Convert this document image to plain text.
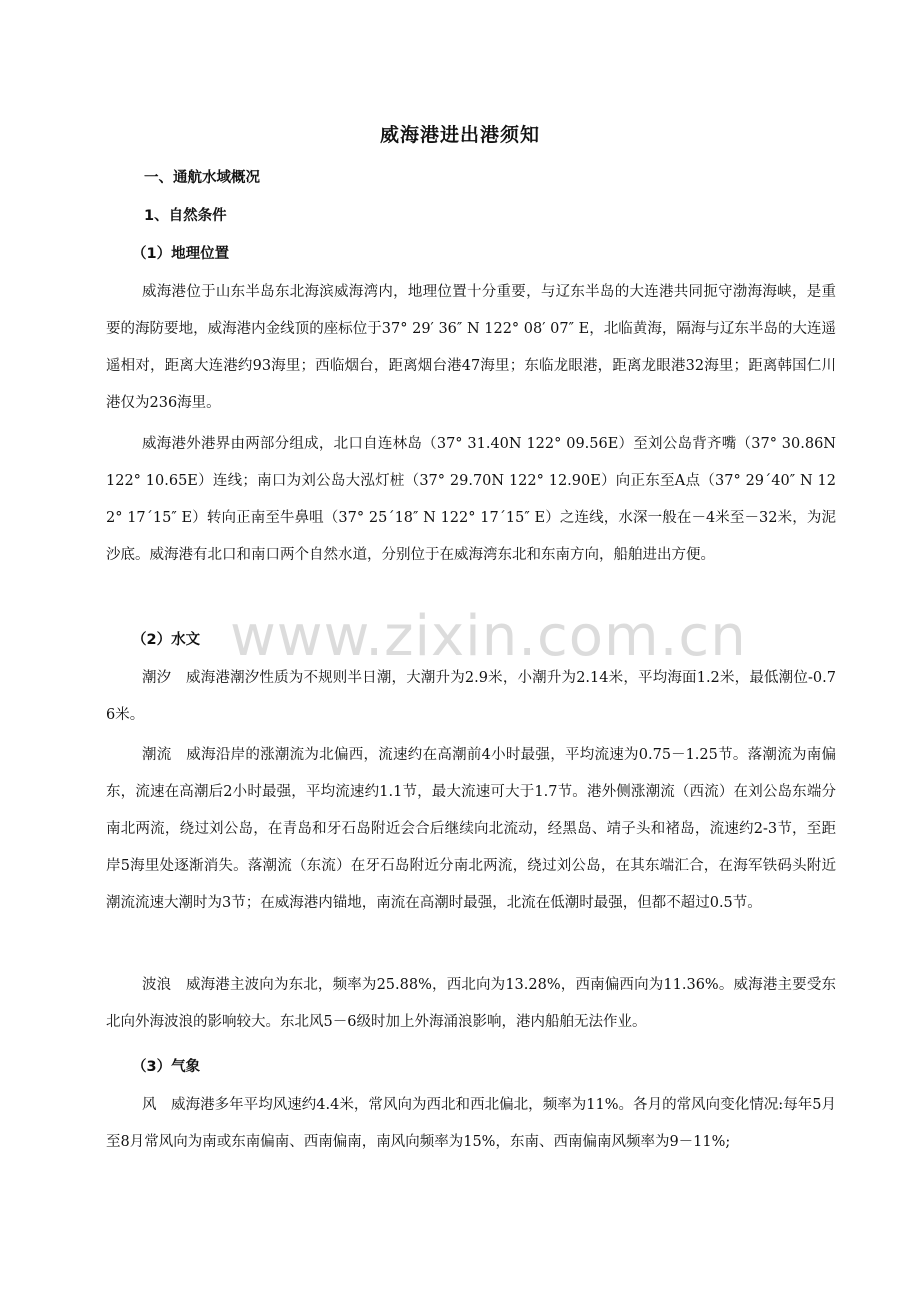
威海港进出港须知
一、通航水域概况
1、自然条件
（1）地理位置
威海港位于山东半岛东北海滨威海湾内，地理位置十分重要，与辽东半岛的大连港共同扼守渤海海峡，是重要的海防要地，威海港内金线顶的座标位于37° 29′ 36″ N 122° 08′ 07″ E，北临黄海，隔海与辽东半岛的大连遥遥相对，距离大连港约93海里；西临烟台，距离烟台港47海里；东临龙眼港，距离龙眼港32海里；距离韩国仁川港仅为236海里。
威海港外港界由两部分组成，北口自连林岛（37° 31.40N 122° 09.56E）至刘公岛背齐嘴（37° 30.86N 122° 10.65E）连线；南口为刘公岛大泓灯桩（37° 29.70N 122° 12.90E）向正东至A点（37° 29´40″ N 122° 17´15″ E）转向正南至牛鼻咀（37° 25´18″ N 122° 17´15″ E）之连线，水深一般在－4米至－32米，为泥沙底。威海港有北口和南口两个自然水道，分别位于在威海湾东北和东南方向，船舶进出方便。
（2）水文
潮汐　威海港潮汐性质为不规则半日潮，大潮升为2.9米，小潮升为2.14米，平均海面1.2米，最低潮位-0.76米。
潮流　威海沿岸的涨潮流为北偏西，流速约在高潮前4小时最强，平均流速为0.75－1.25节。落潮流为南偏东，流速在高潮后2小时最强，平均流速约1.1节，最大流速可大于1.7节。港外侧涨潮流（西流）在刘公岛东端分南北两流，绕过刘公岛，在青岛和牙石岛附近会合后继续向北流动，经黑岛、靖子头和褚岛，流速约2-3节，至距岸5海里处逐渐消失。落潮流（东流）在牙石岛附近分南北两流，绕过刘公岛，在其东端汇合，在海军铁码头附近潮流流速大潮时为3节；在威海港内锚地，南流在高潮时最强，北流在低潮时最强，但都不超过0.5节。
波浪　威海港主波向为东北，频率为25.88%，西北向为13.28%，西南偏西向为11.36%。威海港主要受东北向外海波浪的影响较大。东北风5－6级时加上外海涌浪影响，港内船舶无法作业。
（3）气象
风　威海港多年平均风速约4.4米，常风向为西北和西北偏北，频率为11%。各月的常风向变化情况:每年5月至8月常风向为南或东南偏南、西南偏南，南风向频率为15%，东南、西南偏南风频率为9－11%;
www.zixin.com.cn
